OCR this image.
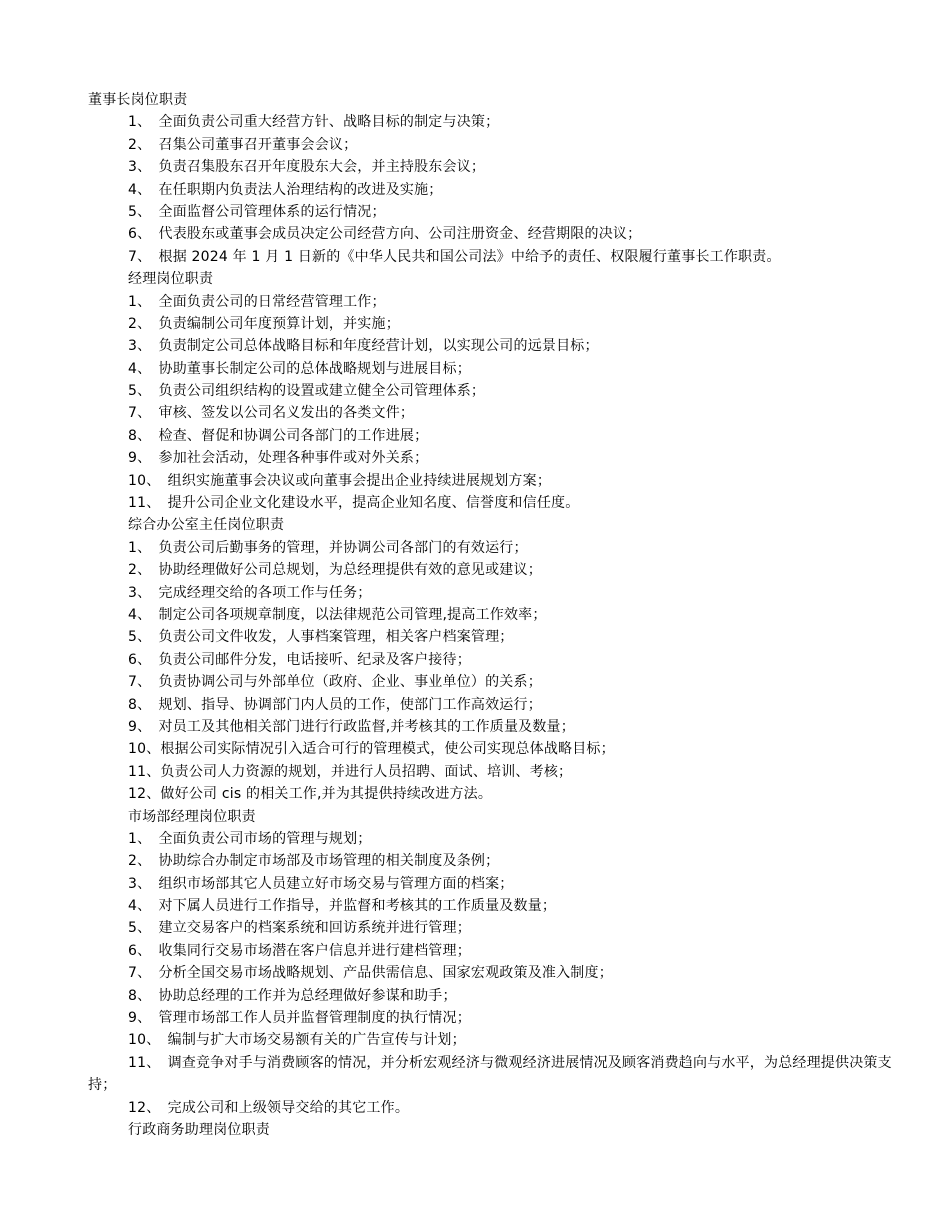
董事长岗位职责
1、　全面负责公司重大经营方针、战略目标的制定与决策；
2、　召集公司董事召开董事会会议；
3、　负责召集股东召开年度股东大会，并主持股东会议；
4、　在任职期内负责法人治理结构的改进及实施；
5、　全面监督公司管理体系的运行情况；
6、　代表股东或董事会成员决定公司经营方向、公司注册资金、经营期限的决议；
7、　根据 2024 年 1 月 1 日新的《中华人民共和国公司法》中给予的责任、权限履行董事长工作职责。
经理岗位职责
1、　全面负责公司的日常经营管理工作；
2、　负责编制公司年度预算计划，并实施；
3、　负责制定公司总体战略目标和年度经营计划，以实现公司的远景目标；
4、　协助董事长制定公司的总体战略规划与进展目标；
5、　负责公司组织结构的设置或建立健全公司管理体系；
7、　审核、签发以公司名义发出的各类文件；
8、　检查、督促和协调公司各部门的工作进展；
9、　参加社会活动，处理各种事件或对外关系；
10、　组织实施董事会决议或向董事会提出企业持续进展规划方案；
11、　提升公司企业文化建设水平，提高企业知名度、信誉度和信任度。
综合办公室主任岗位职责
1、　负责公司后勤事务的管理，并协调公司各部门的有效运行；
2、　协助经理做好公司总规划，为总经理提供有效的意见或建议；
3、　完成经理交给的各项工作与任务；
4、　制定公司各项规章制度，以法律规范公司管理,提高工作效率；
5、　负责公司文件收发，人事档案管理，相关客户档案管理；
6、　负责公司邮件分发，电话接听、纪录及客户接待；
7、　负责协调公司与外部单位（政府、企业、事业单位）的关系；
8、　规划、指导、协调部门内人员的工作，使部门工作高效运行；
9、　对员工及其他相关部门进行行政监督,并考核其的工作质量及数量；
10、根据公司实际情况引入适合可行的管理模式，使公司实现总体战略目标；
11、负责公司人力资源的规划，并进行人员招聘、面试、培训、考核；
12、做好公司 cis 的相关工作,并为其提供持续改进方法。
市场部经理岗位职责
1、　全面负责公司市场的管理与规划；
2、　协助综合办制定市场部及市场管理的相关制度及条例；
3、　组织市场部其它人员建立好市场交易与管理方面的档案；
4、　对下属人员进行工作指导，并监督和考核其的工作质量及数量；
5、　建立交易客户的档案系统和回访系统并进行管理；
6、　收集同行交易市场潜在客户信息并进行建档管理；
7、　分析全国交易市场战略规划、产品供需信息、国家宏观政策及准入制度；
8、　协助总经理的工作并为总经理做好参谋和助手；
9、　管理市场部工作人员并监督管理制度的执行情况；
10、　编制与扩大市场交易额有关的广告宣传与计划；
11、　调查竞争对手与消费顾客的情况，并分析宏观经济与微观经济进展情况及顾客消费趋向与水平，为总经理提供决策支持；
12、　完成公司和上级领导交给的其它工作。
行政商务助理岗位职责
